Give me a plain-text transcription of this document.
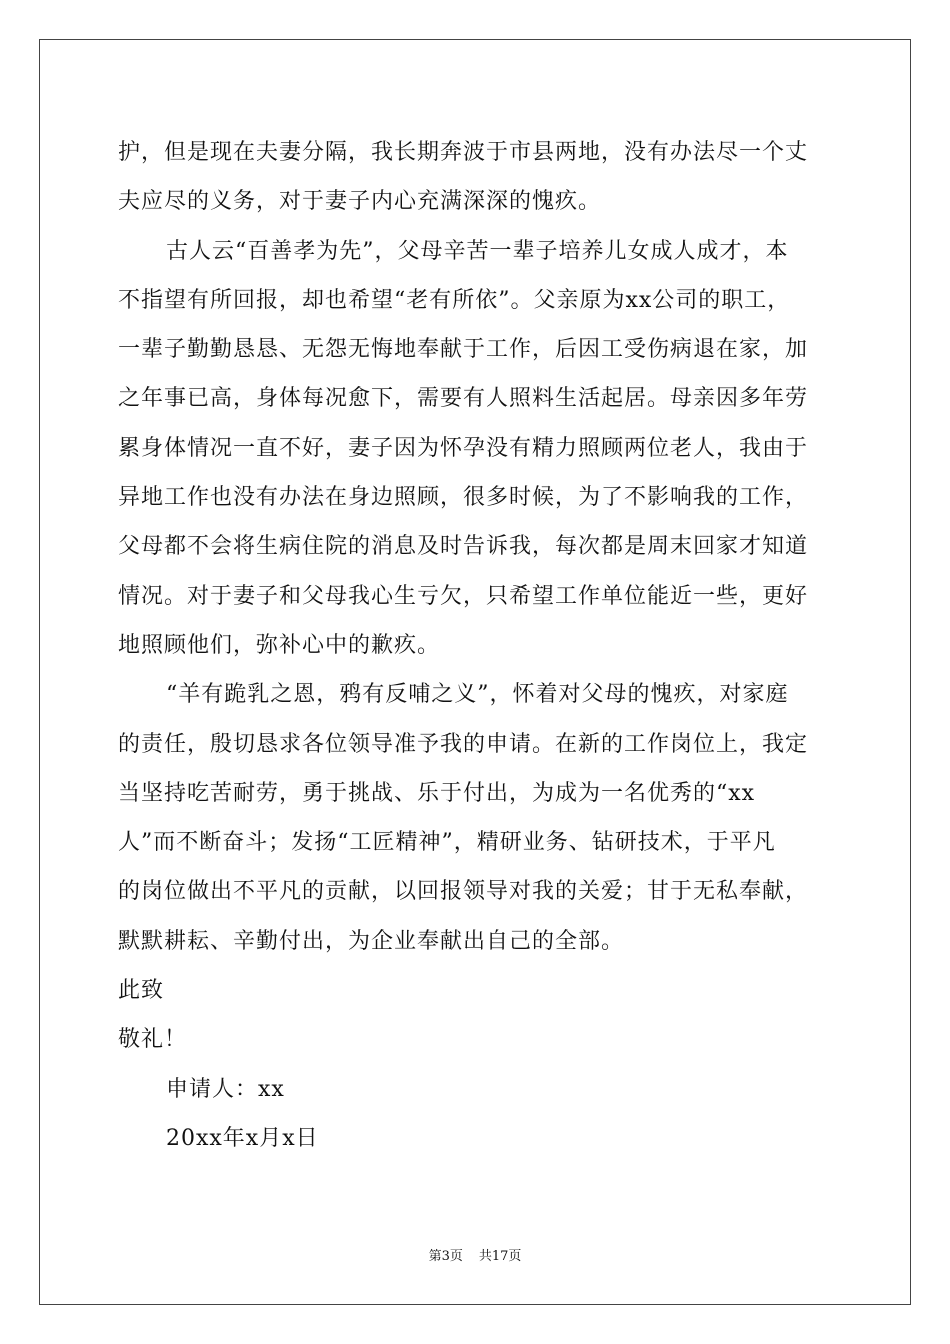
护，但是现在夫妻分隔，我长期奔波于市县两地，没有办法尽一个丈
夫应尽的义务，对于妻子内心充满深深的愧疚。
古人云“百善孝为先”，父母辛苦一辈子培养儿女成人成才，本
不指望有所回报，却也希望“老有所依”。父亲原为xx公司的职工，
一辈子勤勤恳恳、无怨无悔地奉献于工作，后因工受伤病退在家，加
之年事已高，身体每况愈下，需要有人照料生活起居。母亲因多年劳
累身体情况一直不好，妻子因为怀孕没有精力照顾两位老人，我由于
异地工作也没有办法在身边照顾，很多时候，为了不影响我的工作，
父母都不会将生病住院的消息及时告诉我，每次都是周末回家才知道
情况。对于妻子和父母我心生亏欠，只希望工作单位能近一些，更好
地照顾他们，弥补心中的歉疚。
“羊有跪乳之恩，鸦有反哺之义”，怀着对父母的愧疚，对家庭
的责任，殷切恳求各位领导准予我的申请。在新的工作岗位上，我定
当坚持吃苦耐劳，勇于挑战、乐于付出，为成为一名优秀的“xx
人”而不断奋斗；发扬“工匠精神”，精研业务、钻研技术，于平凡
的岗位做出不平凡的贡献，以回报领导对我的关爱；甘于无私奉献，
默默耕耘、辛勤付出，为企业奉献出自己的全部。
此致
敬礼！
申请人：xx
20xx年x月x日
第3页 共17页
